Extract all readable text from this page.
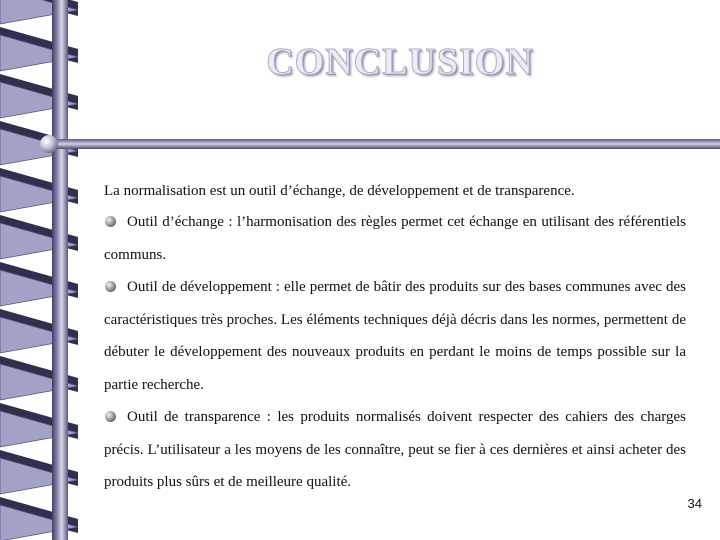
CONCLUSION

La normalisation est un outil d’échange, de développement et de transparence.

Outil d’échange : l’harmonisation des règles permet cet échange en utilisant des référentiels communs.

Outil de développement : elle permet de bâtir des produits sur des bases communes avec des caractéristiques très proches. Les éléments techniques déjà décris dans les normes, permettent de débuter le développement des nouveaux produits en perdant le moins de temps possible sur la partie recherche.

Outil de transparence : les produits normalisés doivent respecter des cahiers des charges précis. L’utilisateur a les moyens de les connaître, peut se fier à ces dernières et ainsi acheter des produits plus sûrs et de meilleure qualité.

34
